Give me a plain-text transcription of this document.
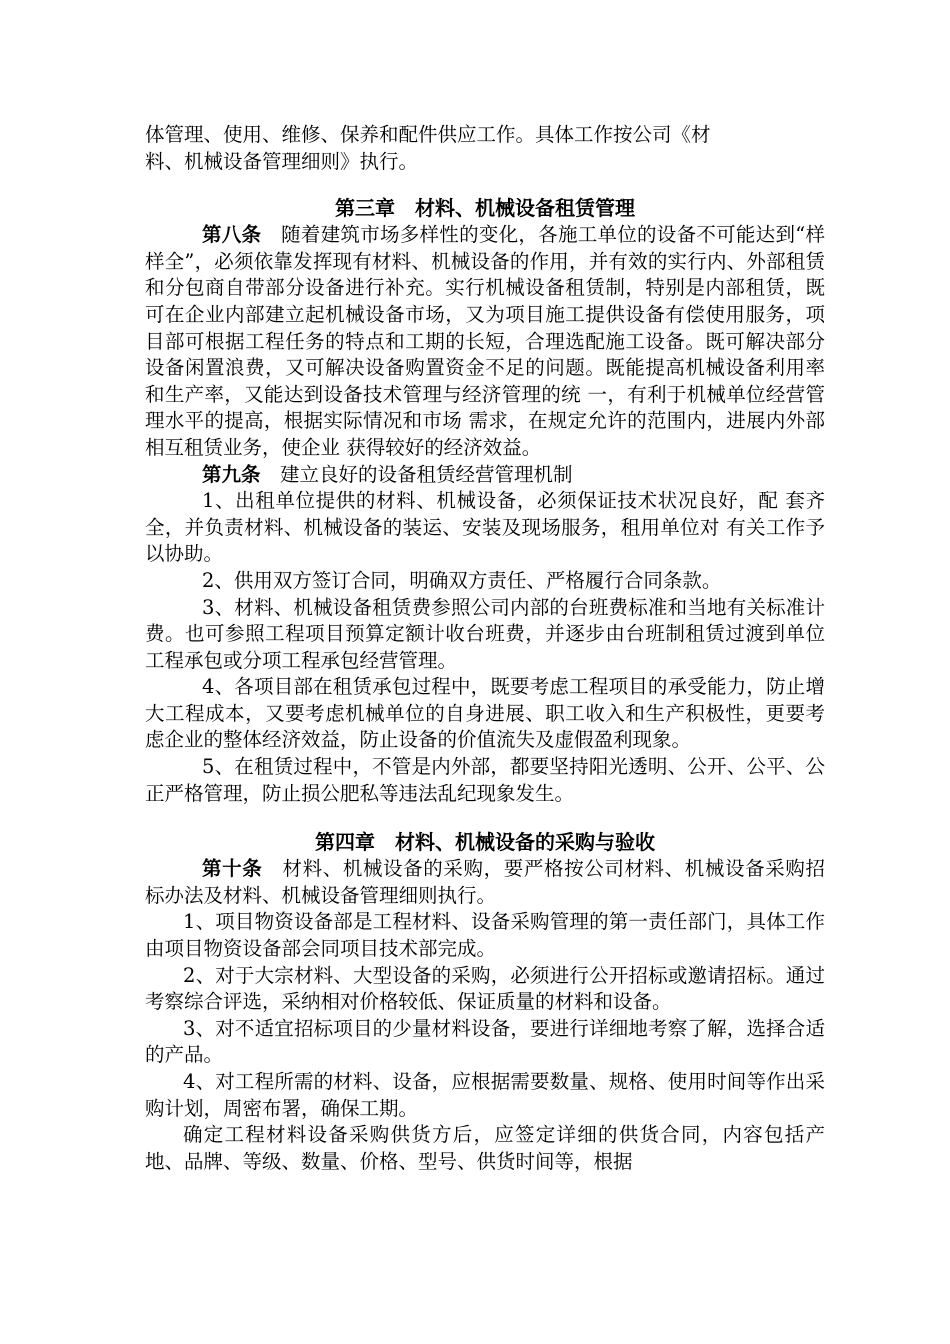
体管理、使用、维修、保养和配件供应工作。具体工作按公司《材

料、机械设备管理细则》执行。

第三章　材料、机械设备租赁管理

第八条　随着建筑市场多样性的变化，各施工单位的设备不可能达到“样样全”，必须依靠发挥现有材料、机械设备的作用，并有效的实行内、外部租赁和分包商自带部分设备进行补充。实行机械设备租赁制，特别是内部租赁，既可在企业内部建立起机械设备市场，又为项目施工提供设备有偿使用服务，项目部可根据工程任务的特点和工期的长短，合理选配施工设备。既可解决部分设备闲置浪费，又可解决设备购置资金不足的问题。既能提高机械设备利用率和生产率，又能达到设备技术管理与经济管理的统 一，有利于机械单位经营管理水平的提高，根据实际情况和市场 需求，在规定允许的范围内，进展内外部相互租赁业务，使企业 获得较好的经济效益。

第九条　建立良好的设备租赁经营管理机制

1、出租单位提供的材料、机械设备，必须保证技术状况良好，配 套齐全，并负责材料、机械设备的装运、安装及现场服务，租用单位对 有关工作予以协助。

2、供用双方签订合同，明确双方责任、严格履行合同条款。

3、材料、机械设备租赁费参照公司内部的台班费标准和当地有关标准计费。也可参照工程项目预算定额计收台班费，并逐步由台班制租赁过渡到单位工程承包或分项工程承包经营管理。

4、各项目部在租赁承包过程中，既要考虑工程项目的承受能力，防止增大工程成本，又要考虑机械单位的自身进展、职工收入和生产积极性，更要考虑企业的整体经济效益，防止设备的价值流失及虚假盈利现象。

5、在租赁过程中，不管是内外部，都要坚持阳光透明、公开、公平、公正严格管理，防止损公肥私等违法乱纪现象发生。

第四章　材料、机械设备的采购与验收

第十条　材料、机械设备的采购，要严格按公司材料、机械设备采购招标办法及材料、机械设备管理细则执行。

1、项目物资设备部是工程材料、设备采购管理的第一责任部门，具体工作由项目物资设备部会同项目技术部完成。

2、对于大宗材料、大型设备的采购，必须进行公开招标或邀请招标。通过考察综合评选，采纳相对价格较低、保证质量的材料和设备。

3、对不适宜招标项目的少量材料设备，要进行详细地考察了解，选择合适的产品。

4、对工程所需的材料、设备，应根据需要数量、规格、使用时间等作出采购计划，周密布署，确保工期。

确定工程材料设备采购供货方后，应签定详细的供货合同，内容包括产地、品牌、等级、数量、价格、型号、供货时间等，根据
